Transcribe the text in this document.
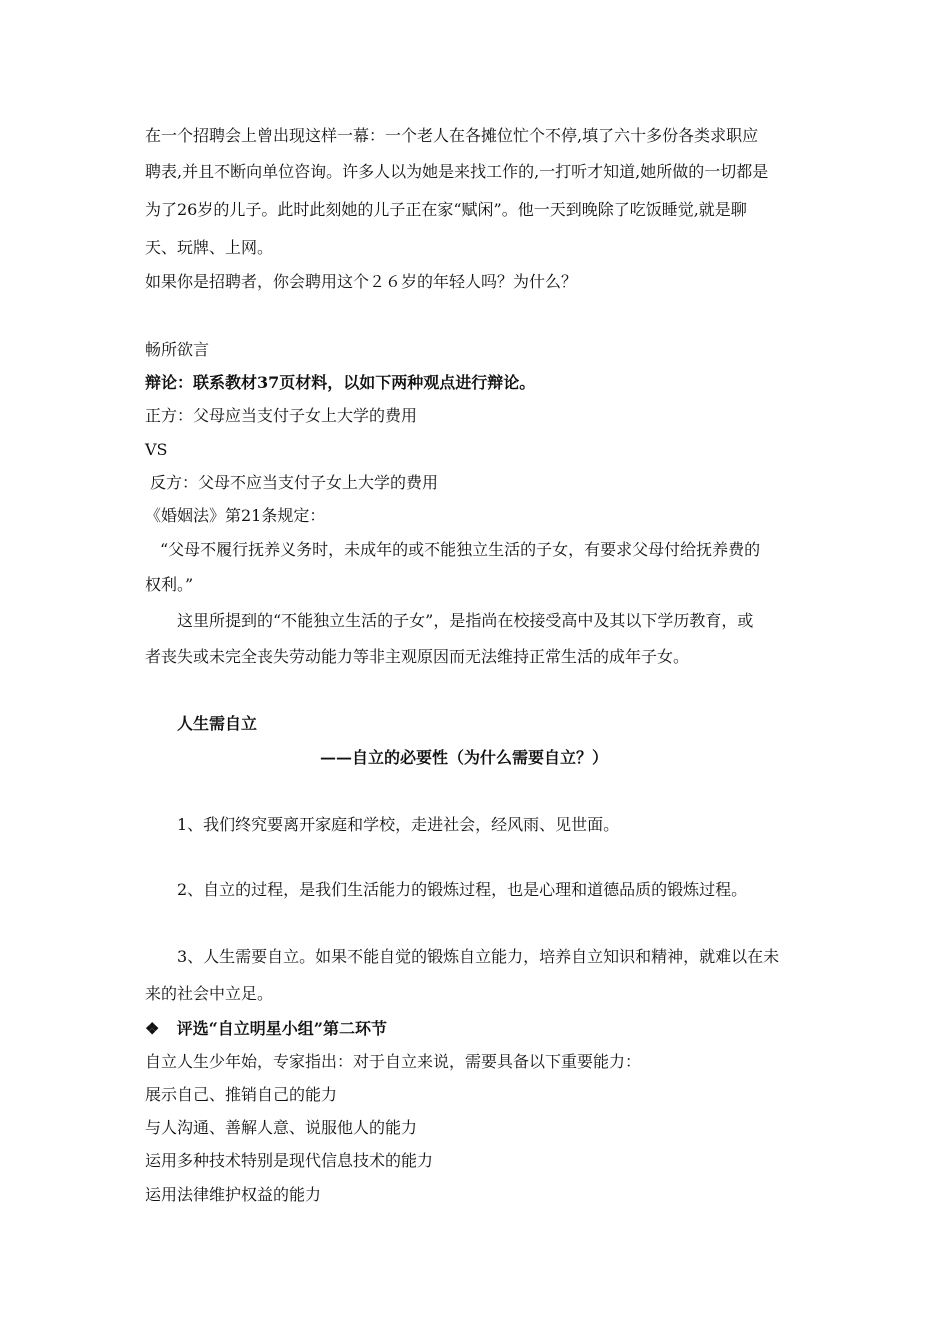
在一个招聘会上曾出现这样一幕：一个老人在各摊位忙个不停,填了六十多份各类求职应
聘表,并且不断向单位咨询。许多人以为她是来找工作的,一打听才知道,她所做的一切都是
为了26岁的儿子。此时此刻她的儿子正在家“赋闲”。他一天到晚除了吃饭睡觉,就是聊
天、玩牌、上网。
如果你是招聘者，你会聘用这个２６岁的年轻人吗？为什么？
畅所欲言
辩论：联系教材37页材料，以如下两种观点进行辩论。
正方：父母应当支付子女上大学的费用
VS
反方：父母不应当支付子女上大学的费用
《婚姻法》第21条规定：
“父母不履行抚养义务时，未成年的或不能独立生活的子女，有要求父母付给抚养费的
权利。”
这里所提到的“不能独立生活的子女”，是指尚在校接受高中及其以下学历教育，或
者丧失或未完全丧失劳动能力等非主观原因而无法维持正常生活的成年子女。
人生需自立
——自立的必要性（为什么需要自立？）
1、我们终究要离开家庭和学校，走进社会，经风雨、见世面。
2、自立的过程，是我们生活能力的锻炼过程，也是心理和道德品质的锻炼过程。
3、人生需要自立。如果不能自觉的锻炼自立能力，培养自立知识和精神，就难以在未
来的社会中立足。
❖ 评选“自立明星小组”第二环节
自立人生少年始，专家指出：对于自立来说，需要具备以下重要能力：
展示自己、推销自己的能力
与人沟通、善解人意、说服他人的能力
运用多种技术特别是现代信息技术的能力
运用法律维护权益的能力
